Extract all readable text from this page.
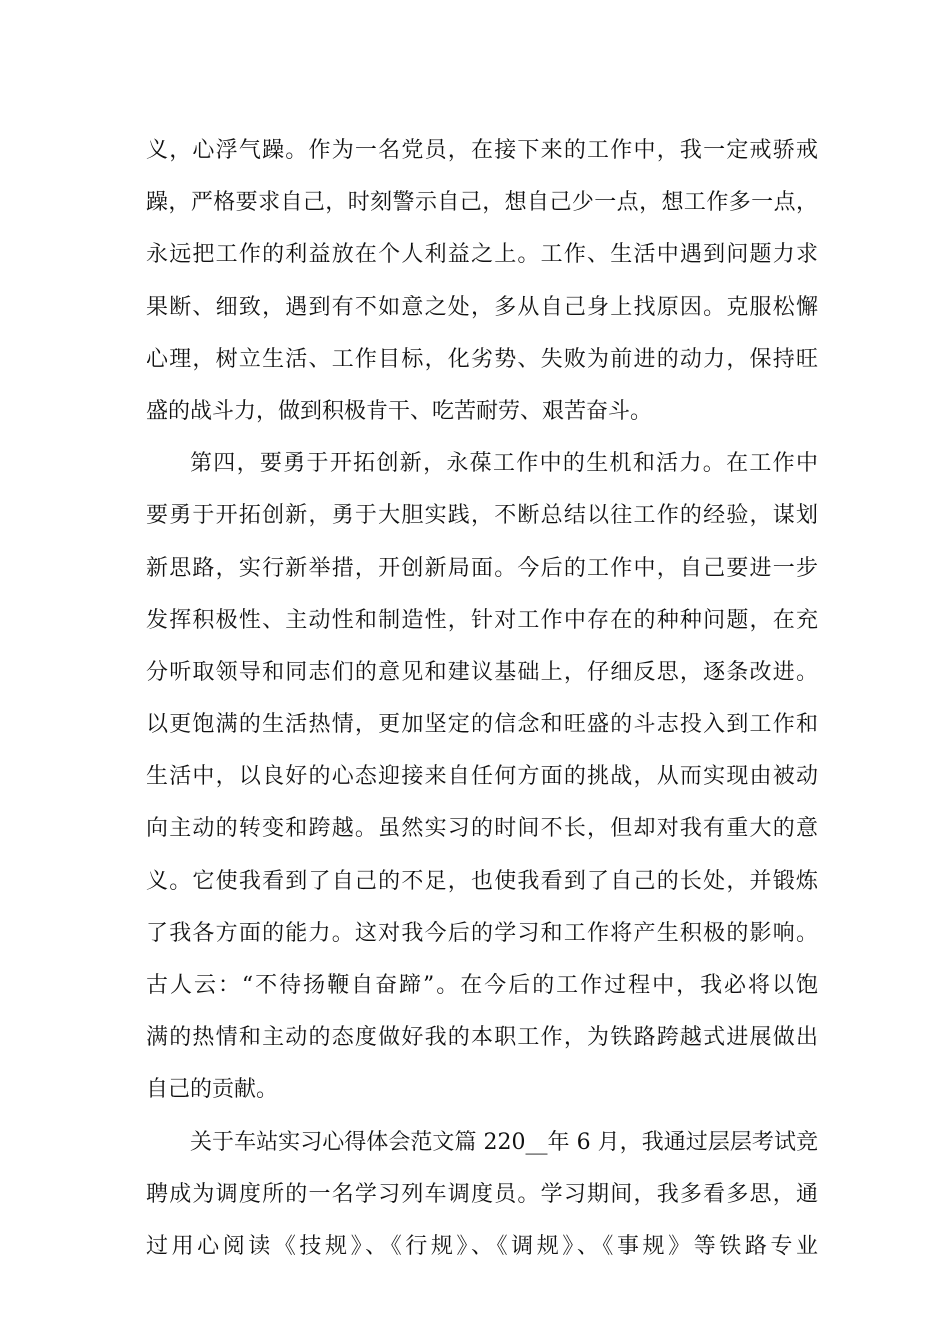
义，心浮气躁。作为一名党员，在接下来的工作中，我一定戒骄戒
躁，严格要求自己，时刻警示自己，想自己少一点，想工作多一点，
永远把工作的利益放在个人利益之上。工作、生活中遇到问题力求
果断、细致，遇到有不如意之处，多从自己身上找原因。克服松懈
心理，树立生活、工作目标，化劣势、失败为前进的动力，保持旺
盛的战斗力，做到积极肯干、吃苦耐劳、艰苦奋斗。
第四，要勇于开拓创新，永葆工作中的生机和活力。在工作中
要勇于开拓创新，勇于大胆实践，不断总结以往工作的经验，谋划
新思路，实行新举措，开创新局面。今后的工作中，自己要进一步
发挥积极性、主动性和制造性，针对工作中存在的种种问题，在充
分听取领导和同志们的意见和建议基础上，仔细反思，逐条改进。
以更饱满的生活热情，更加坚定的信念和旺盛的斗志投入到工作和
生活中，以良好的心态迎接来自任何方面的挑战，从而实现由被动
向主动的转变和跨越。虽然实习的时间不长，但却对我有重大的意
义。它使我看到了自己的不足，也使我看到了自己的长处，并锻炼
了我各方面的能力。这对我今后的学习和工作将产生积极的影响。
古人云：“不待扬鞭自奋蹄”。在今后的工作过程中，我必将以饱
满的热情和主动的态度做好我的本职工作，为铁路跨越式进展做出
自己的贡献。
关于车站实习心得体会范文篇 220__年 6 月，我通过层层考试竞
聘成为调度所的一名学习列车调度员。学习期间，我多看多思，通
过用心阅读《技规》、《行规》、《调规》、《事规》等铁路专业
